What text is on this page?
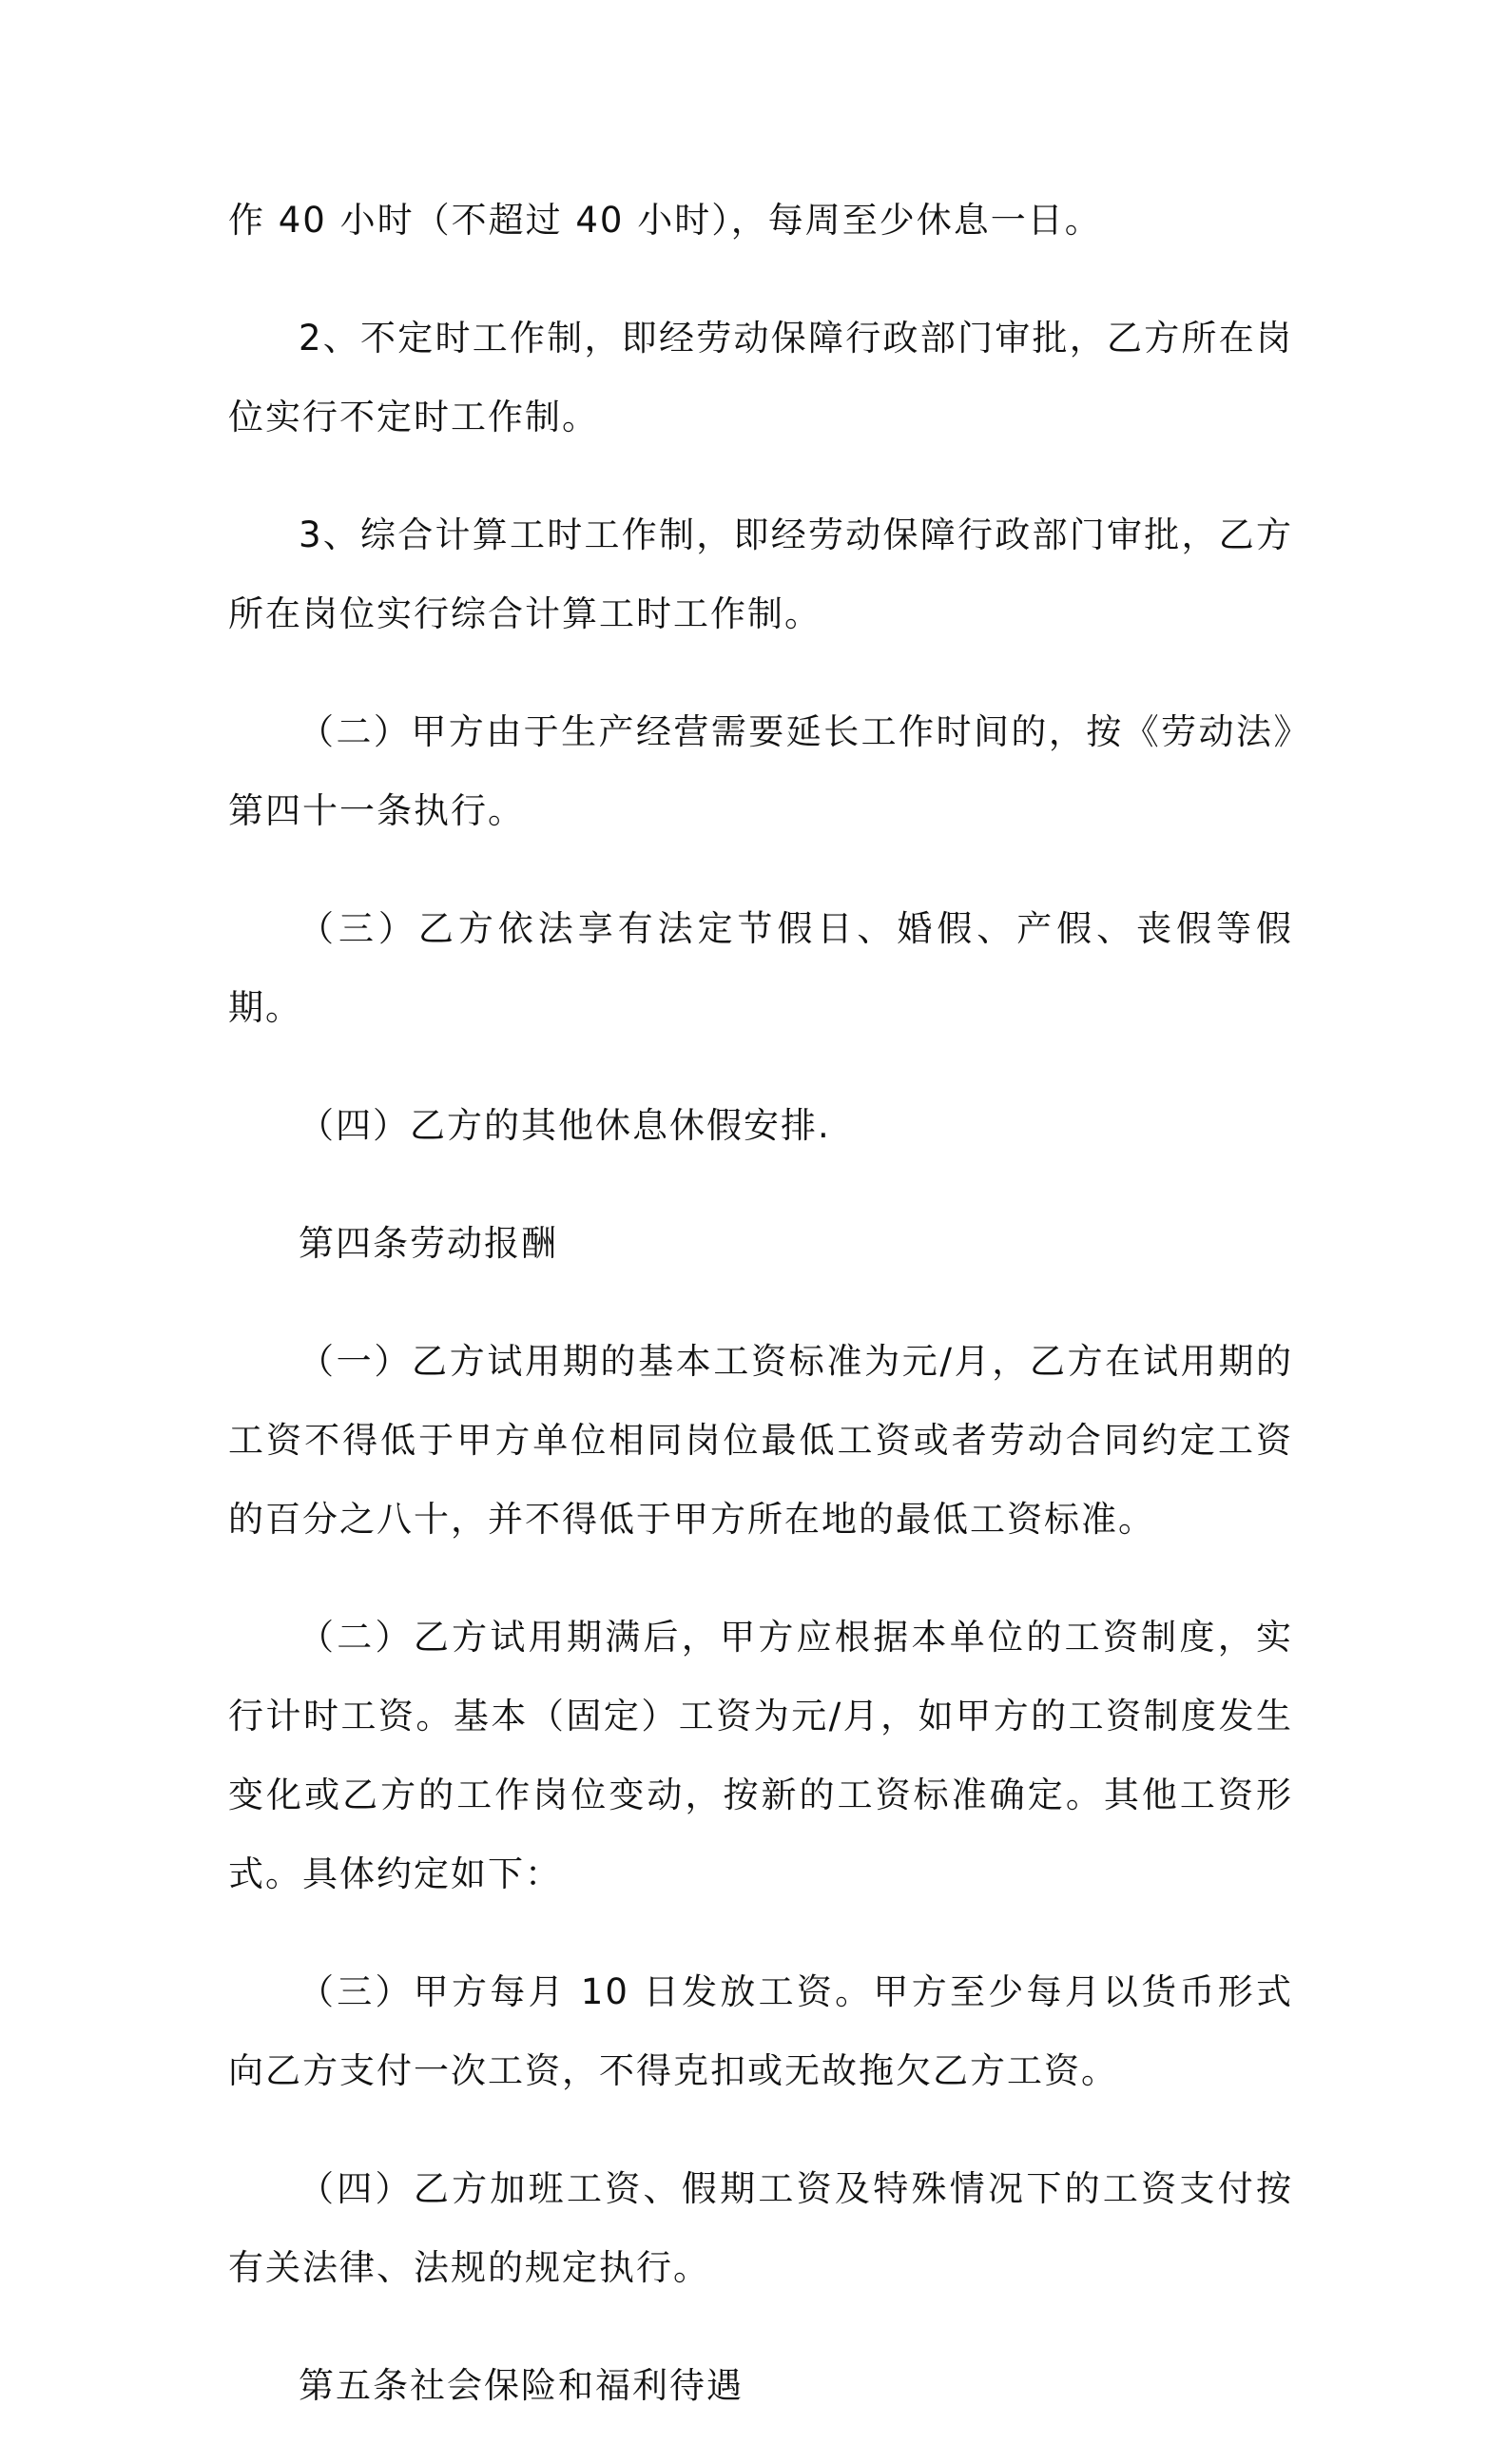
作 40 小时（不超过 40 小时），每周至少休息一日。

2、不定时工作制，即经劳动保障行政部门审批，乙方所在岗位实行不定时工作制。

3、综合计算工时工作制，即经劳动保障行政部门审批，乙方所在岗位实行综合计算工时工作制。

（二）甲方由于生产经营需要延长工作时间的，按《劳动法》第四十一条执行。

（三）乙方依法享有法定节假日、婚假、产假、丧假等假期。

（四）乙方的其他休息休假安排.

第四条劳动报酬

（一）乙方试用期的基本工资标准为元/月，乙方在试用期的工资不得低于甲方单位相同岗位最低工资或者劳动合同约定工资的百分之八十，并不得低于甲方所在地的最低工资标准。

（二）乙方试用期满后，甲方应根据本单位的工资制度，实行计时工资。基本（固定）工资为元/月，如甲方的工资制度发生变化或乙方的工作岗位变动，按新的工资标准确定。其他工资形式。具体约定如下：

（三）甲方每月 10 日发放工资。甲方至少每月以货币形式向乙方支付一次工资，不得克扣或无故拖欠乙方工资。

（四）乙方加班工资、假期工资及特殊情况下的工资支付按有关法律、法规的规定执行。

第五条社会保险和福利待遇
